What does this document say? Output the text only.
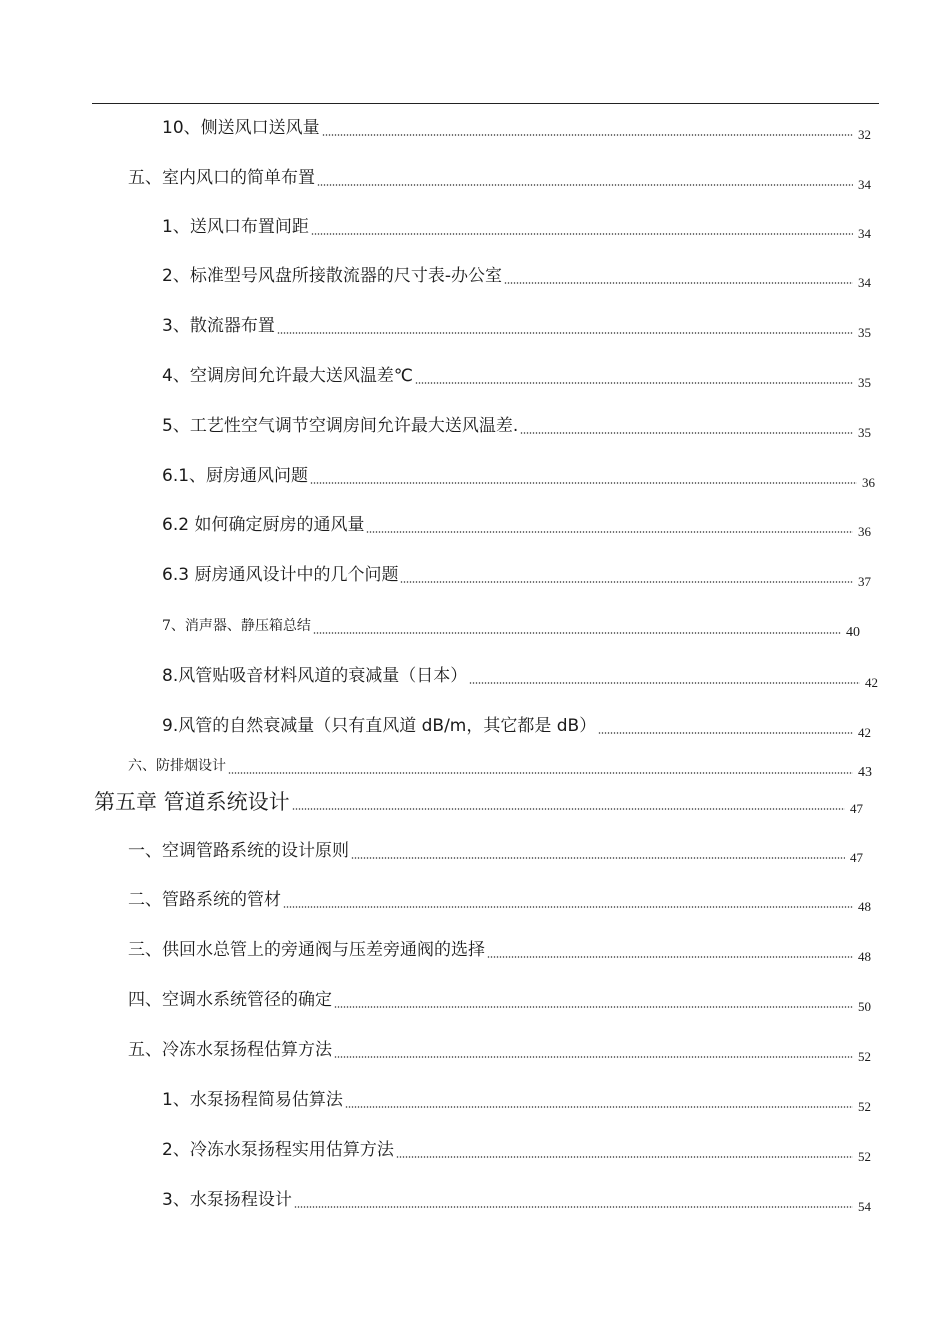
10、侧送风口送风量	32
五、室内风口的简单布置	34
1、送风口布置间距	34
2、标准型号风盘所接散流器的尺寸表-办公室	34
3、散流器布置	35
4、空调房间允许最大送风温差℃	35
5、工艺性空气调节空调房间允许最大送风温差.	35
6.1、厨房通风问题	36
6.2 如何确定厨房的通风量	36
6.3 厨房通风设计中的几个问题	37
7、消声器、静压箱总结	40
8.风管贴吸音材料风道的衰减量（日本）	42
9.风管的自然衰减量（只有直风道 dB/m，其它都是 dB）	42
六、防排烟设计	43
第五章 管道系统设计	47
一、空调管路系统的设计原则	47
二、管路系统的管材	48
三、供回水总管上的旁通阀与压差旁通阀的选择	48
四、空调水系统管径的确定	50
五、冷冻水泵扬程估算方法	52
1、水泵扬程简易估算法	52
2、冷冻水泵扬程实用估算方法	52
3、水泵扬程设计	54
